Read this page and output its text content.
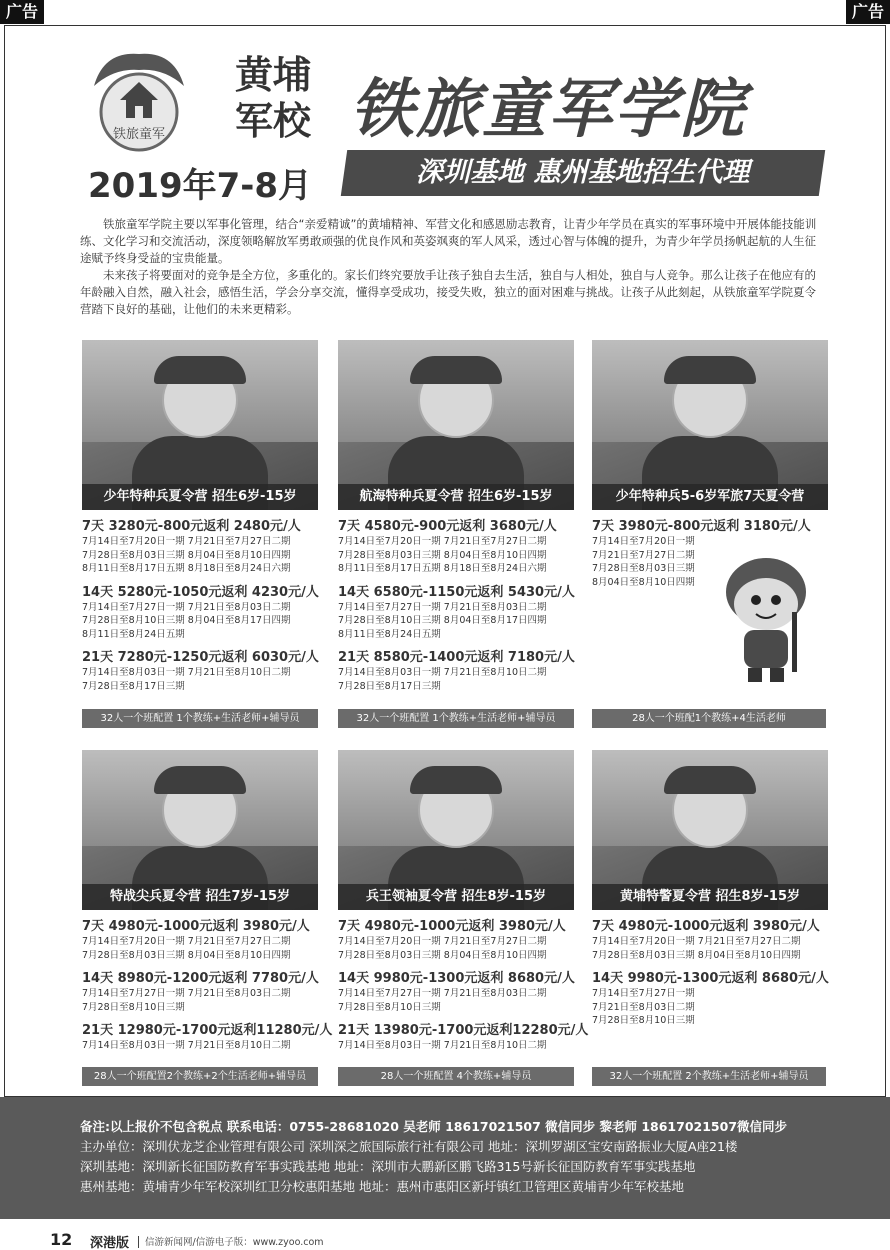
广告	广告
铁旅童军
黄埔
军校
2019年7-8月
铁旅童军学院
深圳基地 惠州基地招生代理

铁旅童军学院主要以军事化管理，结合“亲爱精诚”的黄埔精神、军营文化和感恩励志教育，让青少年学员在真实的军事环境中开展体能技能训练、文化学习和交流活动，深度领略解放军勇敢顽强的优良作风和英姿飒爽的军人风采，透过心智与体魄的提升，为青少年学员扬帆起航的人生征途赋予终身受益的宝贵能量。

未来孩子将要面对的竞争是全方位，多重化的。家长们终究要放手让孩子独自去生活，独自与人相处，独自与人竞争。那么让孩子在他应有的年龄融入自然，融入社会，感悟生活，学会分享交流，懂得享受成功，接受失败，独立的面对困难与挑战。让孩子从此刻起，从铁旅童军学院夏令营踏下良好的基础，让他们的未来更精彩。

少年特种兵夏令营 招生6岁-15岁
7天 3280元-800元返利 2480元/人
7月14日至7月20日一期 7月21日至7月27日二期
7月28日至8月03日三期 8月04日至8月10日四期
8月11日至8月17日五期 8月18日至8月24日六期
14天 5280元-1050元返利 4230元/人
7月14日至7月27日一期 7月21日至8月03日二期
7月28日至8月10日三期 8月04日至8月17日四期
8月11日至8月24日五期
21天 7280元-1250元返利 6030元/人
7月14日至8月03日一期 7月21日至8月10日二期
7月28日至8月17日三期
32人一个班配置 1个教练+生活老师+辅导员
航海特种兵夏令营 招生6岁-15岁
7天 4580元-900元返利 3680元/人
7月14日至7月20日一期 7月21日至7月27日二期
7月28日至8月03日三期 8月04日至8月10日四期
8月11日至8月17日五期 8月18日至8月24日六期
14天 6580元-1150元返利 5430元/人
7月14日至7月27日一期 7月21日至8月03日二期
7月28日至8月10日三期 8月04日至8月17日四期
8月11日至8月24日五期
21天 8580元-1400元返利 7180元/人
7月14日至8月03日一期 7月21日至8月10日二期
7月28日至8月17日三期
32人一个班配置 1个教练+生活老师+辅导员
少年特种兵5-6岁军旅7天夏令营
7天 3980元-800元返利 3180元/人
7月14日至7月20日一期
7月21日至7月27日二期
7月28日至8月03日三期
8月04日至8月10日四期
28人一个班配1个教练+4生活老师
特战尖兵夏令营 招生7岁-15岁
7天 4980元-1000元返利 3980元/人
7月14日至7月20日一期 7月21日至7月27日二期
7月28日至8月03日三期 8月04日至8月10日四期
14天 8980元-1200元返利 7780元/人
7月14日至7月27日一期 7月21日至8月03日二期
7月28日至8月10日三期
21天 12980元-1700元返利11280元/人
7月14日至8月03日一期 7月21日至8月10日二期
28人一个班配置2个教练+2个生活老师+辅导员
兵王领袖夏令营 招生8岁-15岁
7天 4980元-1000元返利 3980元/人
7月14日至7月20日一期 7月21日至7月27日二期
7月28日至8月03日三期 8月04日至8月10日四期
14天 9980元-1300元返利 8680元/人
7月14日至7月27日一期 7月21日至8月03日二期
7月28日至8月10日三期
21天 13980元-1700元返利12280元/人
7月14日至8月03日一期 7月21日至8月10日二期
28人一个班配置 4个教练+辅导员
黄埔特警夏令营 招生8岁-15岁
7天 4980元-1000元返利 3980元/人
7月14日至7月20日一期 7月21日至7月27日二期
7月28日至8月03日三期 8月04日至8月10日四期
14天 9980元-1300元返利 8680元/人
7月14日至7月27日一期
7月21日至8月03日二期
7月28日至8月10日三期
32人一个班配置 2个教练+生活老师+辅导员
备注:以上报价不包含税点 联系电话：0755-28681020 吴老师 18617021507 微信同步 黎老师 18617021507微信同步
主办单位：深圳伏龙芝企业管理有限公司 深圳深之旅国际旅行社有限公司 地址：深圳罗湖区宝安南路振业大厦A座21楼
深圳基地：深圳新长征国防教育军事实践基地 地址：深圳市大鹏新区鹏飞路315号新长征国防教育军事实践基地
惠州基地：黄埔青少年军校深圳红卫分校惠阳基地 地址：惠州市惠阳区新圩镇红卫管理区黄埔青少年军校基地
12 深港版 信游新闻网/信游电子版：www.zyoo.com
